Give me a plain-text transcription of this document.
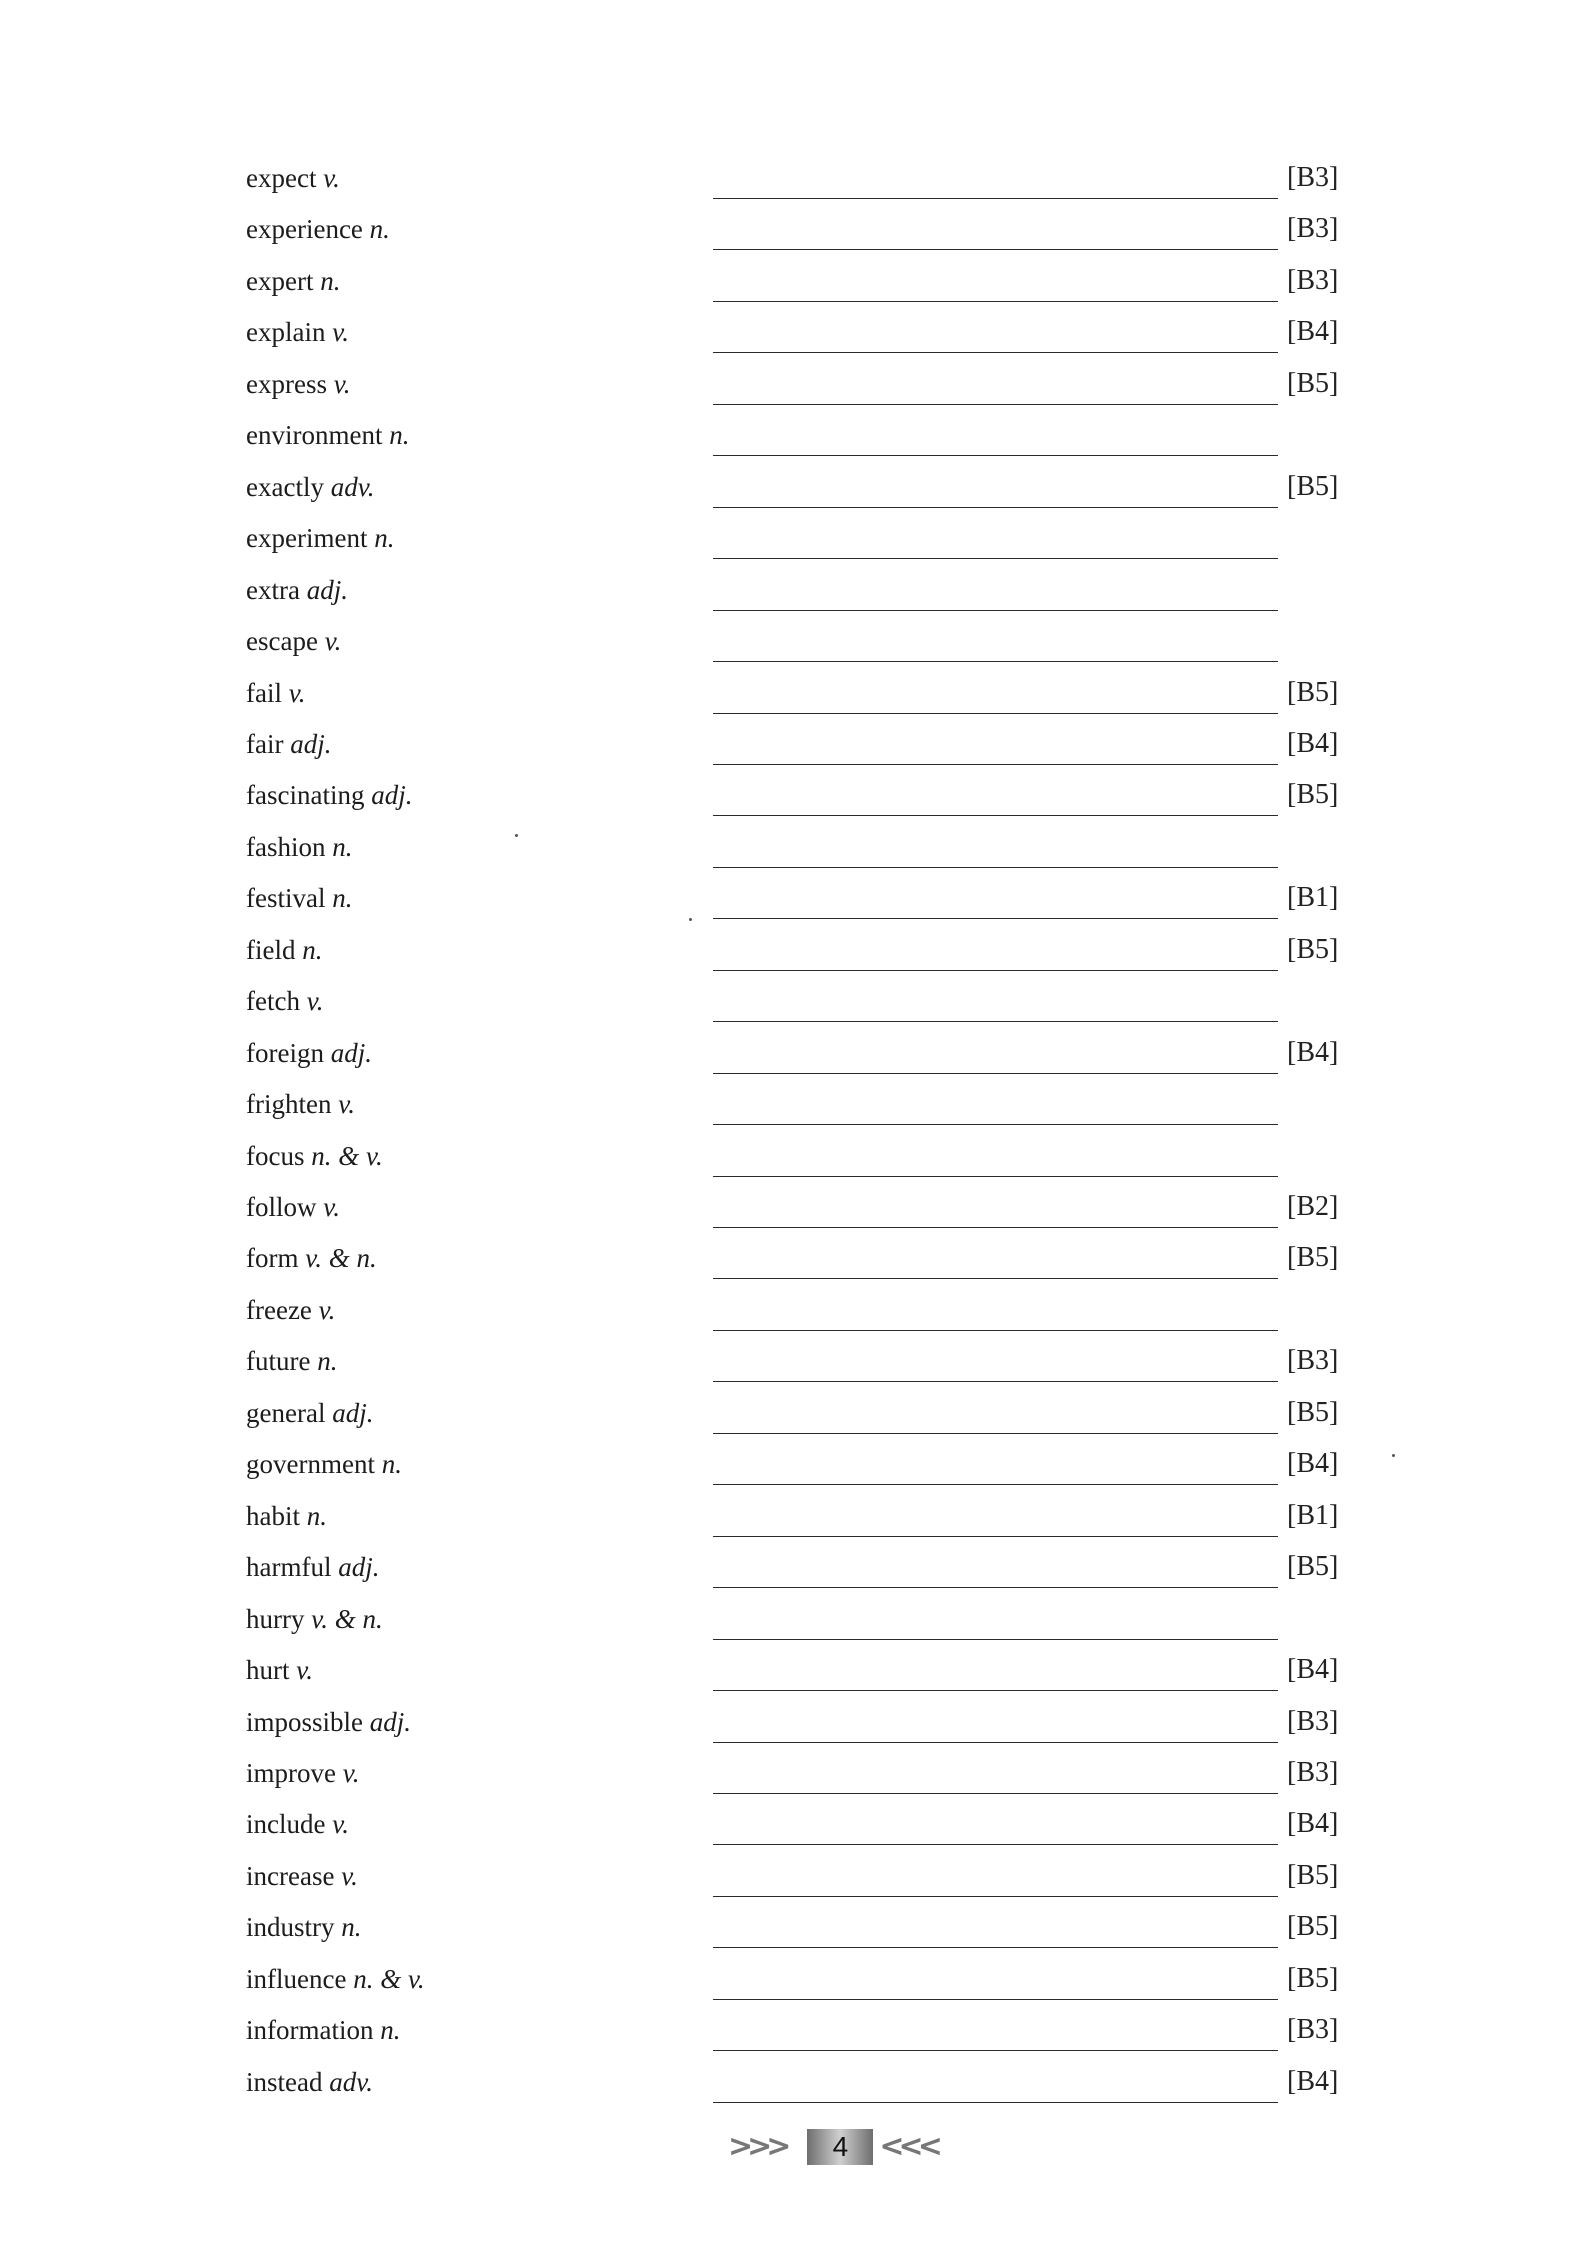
expect v.	[B3]
experience n.	[B3]
expert n.	[B3]
explain v.	[B4]
express v.	[B5]
environment n.
exactly adv.	[B5]
experiment n.
extra adj.
escape v.
fail v.	[B5]
fair adj.	[B4]
fascinating adj.	[B5]
fashion n.
festival n.	[B1]
field n.	[B5]
fetch v.
foreign adj.	[B4]
frighten v.
focus n. & v.
follow v.	[B2]
form v. & n.	[B5]
freeze v.
future n.	[B3]
general adj.	[B5]
government n.	[B4]
habit n.	[B1]
harmful adj.	[B5]
hurry v. & n.
hurt v.	[B4]
impossible adj.	[B3]
improve v.	[B3]
include v.	[B4]
increase v.	[B5]
industry n.	[B5]
influence n. & v.	[B5]
information n.	[B3]
instead adv.	[B4]
>>>	4	<<<
